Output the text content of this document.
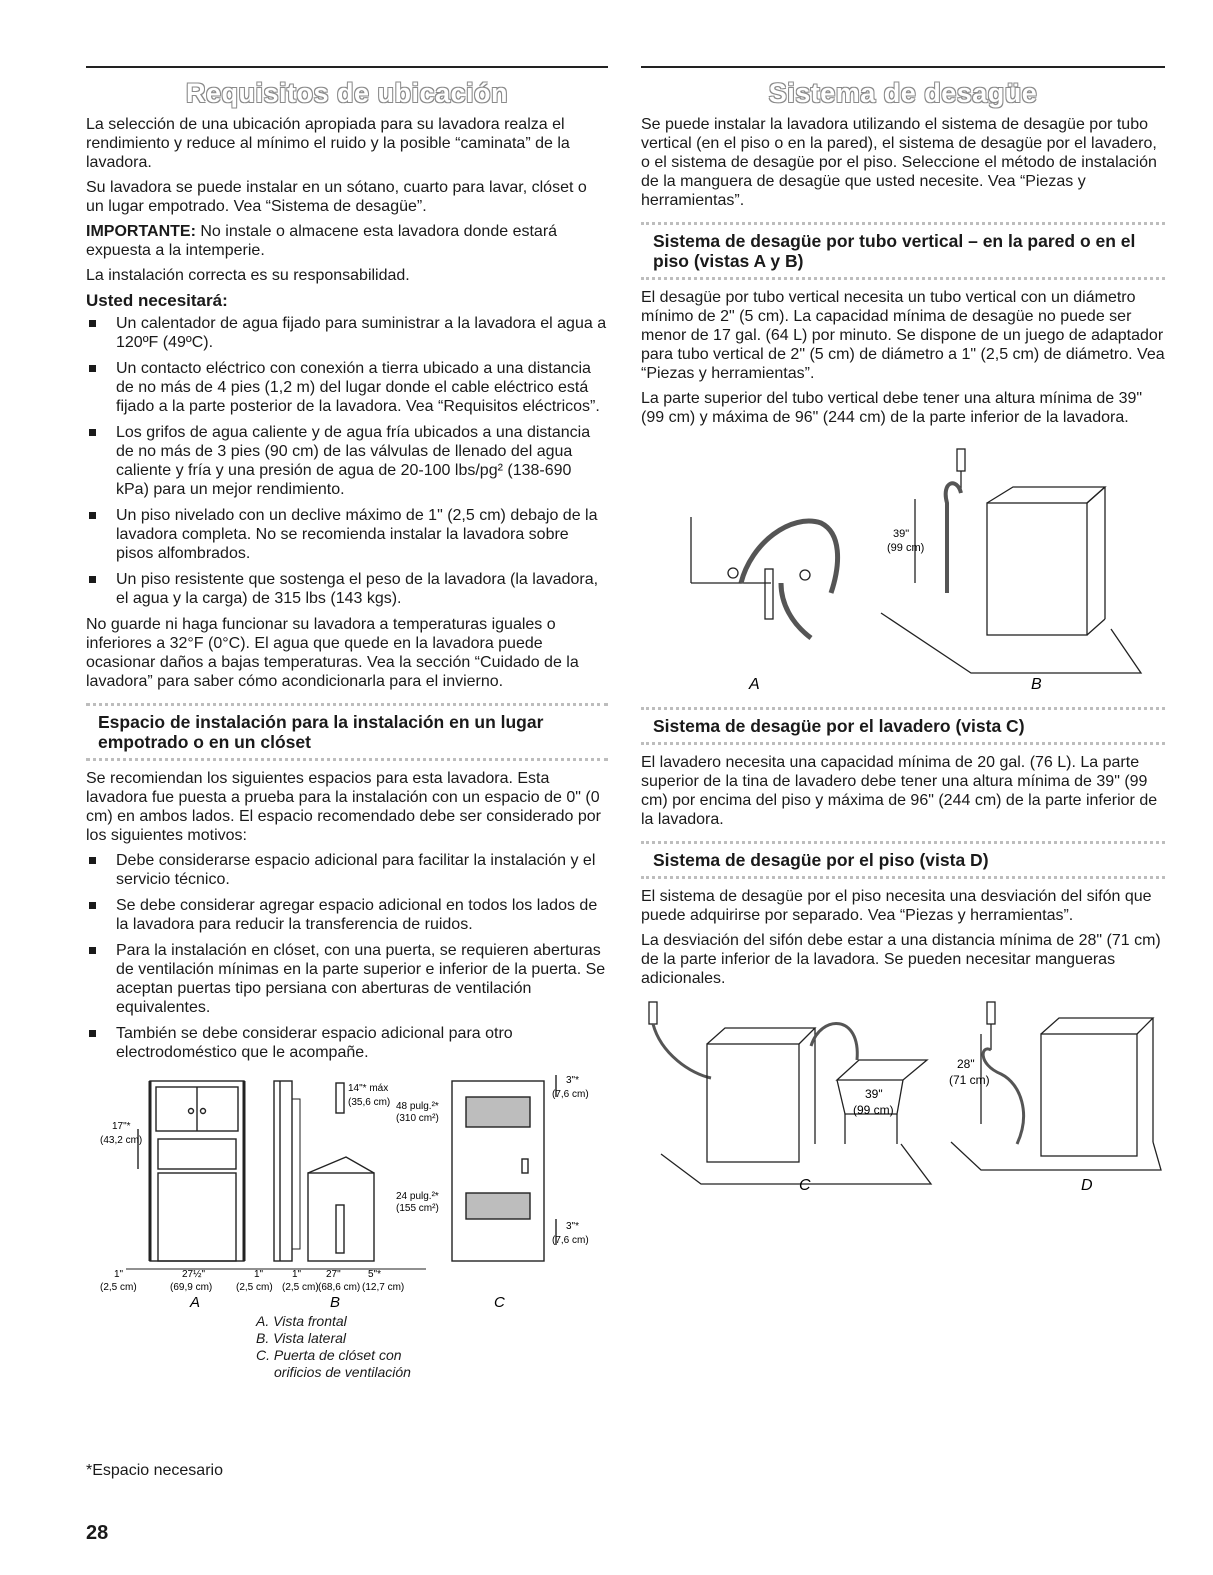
Requisitos de ubicación

La selección de una ubicación apropiada para su lavadora realza el rendimiento y reduce al mínimo el ruido y la posible “caminata” de la lavadora.

Su lavadora se puede instalar en un sótano, cuarto para lavar, clóset o un lugar empotrado. Vea “Sistema de desagüe”.

IMPORTANTE: No instale o almacene esta lavadora donde estará expuesta a la intemperie.

La instalación correcta es su responsabilidad.

Usted necesitará:
Un calentador de agua fijado para suministrar a la lavadora el agua a 120ºF (49ºC).
Un contacto eléctrico con conexión a tierra ubicado a una distancia de no más de 4 pies (1,2 m) del lugar donde el cable eléctrico está fijado a la parte posterior de la lavadora. Vea “Requisitos eléctricos”.
Los grifos de agua caliente y de agua fría ubicados a una distancia de no más de 3 pies (90 cm) de las válvulas de llenado del agua caliente y fría y una presión de agua de 20-100 lbs/pg² (138-690 kPa) para un mejor rendimiento.
Un piso nivelado con un declive máximo de 1" (2,5 cm) debajo de la lavadora completa. No se recomienda instalar la lavadora sobre pisos alfombrados.
Un piso resistente que sostenga el peso de la lavadora (la lavadora, el agua y la carga) de 315 lbs (143 kgs).

No guarde ni haga funcionar su lavadora a temperaturas iguales o inferiores a 32°F (0°C). El agua que quede en la lavadora puede ocasionar daños a bajas temperaturas. Vea la sección “Cuidado de la lavadora” para saber cómo acondicionarla para el invierno.

Espacio de instalación para la instalación en un lugar empotrado o en un clóset

Se recomiendan los siguientes espacios para esta lavadora. Esta lavadora fue puesta a prueba para la instalación con un espacio de 0" (0 cm) en ambos lados. El espacio recomendado debe ser considerado por los siguientes motivos:

Debe considerarse espacio adicional para facilitar la instalación y el servicio técnico.
Se debe considerar agregar espacio adicional en todos los lados de la lavadora para reducir la transferencia de ruidos.
Para la instalación en clóset, con una puerta, se requieren aberturas de ventilación mínimas en la parte superior e inferior de la puerta. Se aceptan puertas tipo persiana con aberturas de ventilación equivalentes.
También se debe considerar espacio adicional para otro electrodoméstico que le acompañe.
17"*
(43,2 cm)
14"* máx
(35,6 cm) 48 pulg.²*
(310 cm²)
24 pulg.²*
(155 cm²)
3"*
(7,6 cm)
3"*
(7,6 cm)
1"
(2,5 cm)
27½"
(69,9 cm)
1"
(2,5 cm)
1"
(2,5 cm)
27"
(68,6 cm)
5"*
(12,7 cm)
A	B	C
A. Vista frontal
B. Vista lateral
C. Puerta de clóset con
orificios de ventilación
*Espacio necesario
28
Sistema de desagüe

Se puede instalar la lavadora utilizando el sistema de desagüe por tubo vertical (en el piso o en la pared), el sistema de desagüe por el lavadero, o el sistema de desagüe por el piso. Seleccione el método de instalación de la manguera de desagüe que usted necesite. Vea “Piezas y herramientas”.

Sistema de desagüe por tubo vertical – en la pared o en el piso (vistas A y B)

El desagüe por tubo vertical necesita un tubo vertical con un diámetro mínimo de 2" (5 cm). La capacidad mínima de desagüe no puede ser menor de 17 gal. (64 L) por minuto. Se dispone de un juego de adaptador para tubo vertical de 2" (5 cm) de diámetro a 1" (2,5 cm) de diámetro. Vea “Piezas y herramientas”.

La parte superior del tubo vertical debe tener una altura mínima de 39" (99 cm) y máxima de 96" (244 cm) de la parte inferior de la lavadora.

39"
(99 cm)
A	B
Sistema de desagüe por el lavadero (vista C)

El lavadero necesita una capacidad mínima de 20 gal. (76 L). La parte superior de la tina de lavadero debe tener una altura mínima de 39" (99 cm) por encima del piso y máxima de 96" (244 cm) de la parte inferior de la lavadora.

Sistema de desagüe por el piso (vista D)

El sistema de desagüe por el piso necesita una desviación del sifón que puede adquirirse por separado. Vea “Piezas y herramientas”.

La desviación del sifón debe estar a una distancia mínima de 28" (71 cm) de la parte inferior de la lavadora. Se pueden necesitar mangueras adicionales.

39"
(99 cm)
28"
(71 cm)
C	D
